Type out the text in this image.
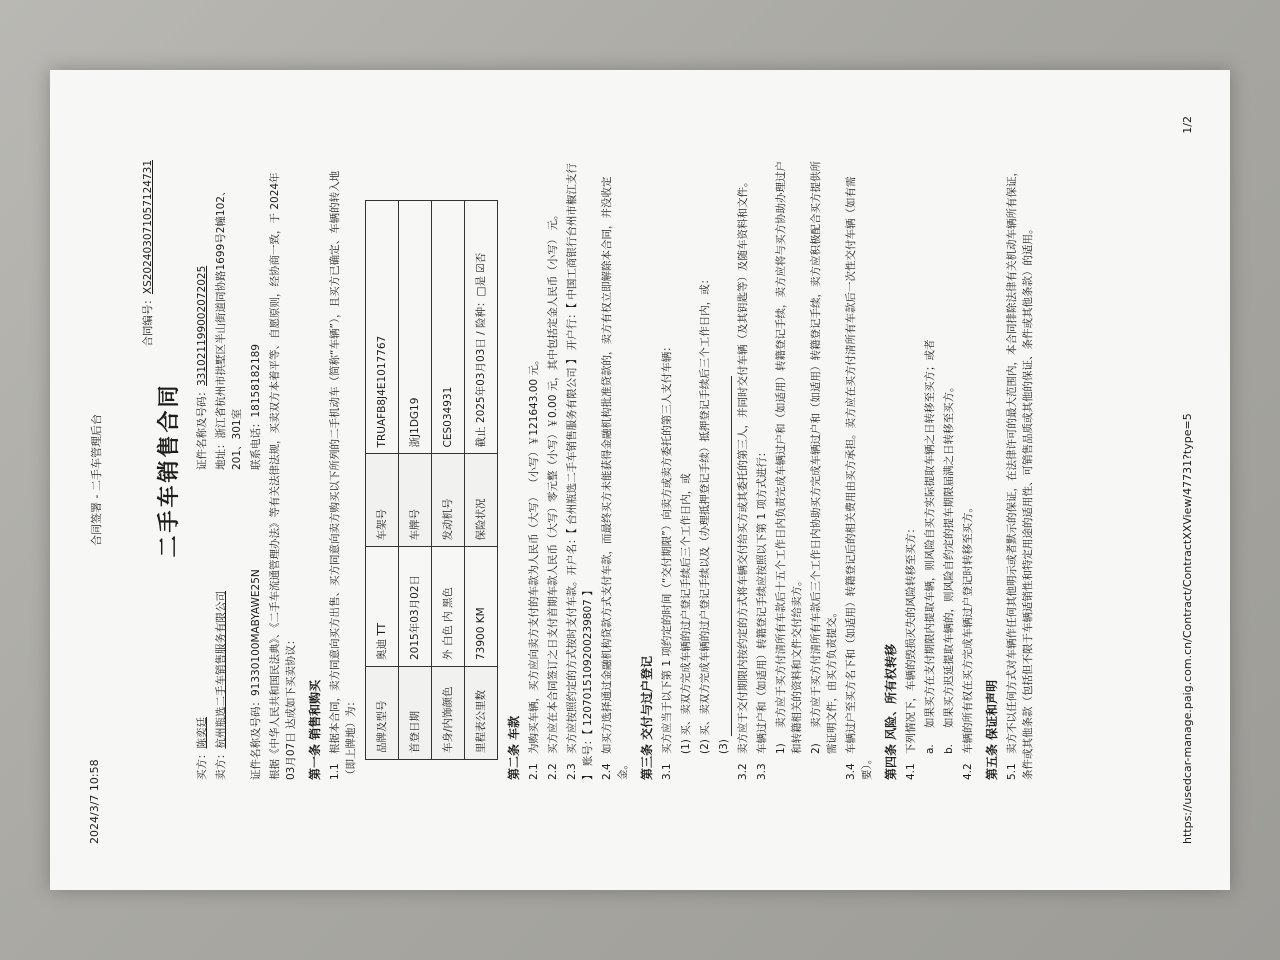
2024/3/7 10:58
合同签署 - 二手车管理后台
合同编号：XS202403071057124731
二手车销售合同
买方：陈奕廷
证件名称及号码：331021199002072025
卖方：杭州瓶选二手车销售服务有限公司
地址：浙江省杭州市拱墅区半山街道同协路1699号2幢102、201、301室
证件名称及号码：91330100MABYAWE25N
联系电话：18158182189 根据《中华人民共和国民法典》、《二手车流通管理办法》等有关法律法规，买卖双方本着平等、自愿原则，经协商一致，于 2024年03月07日 达成如下买卖协议： 第一条 销售和购买 1.1根据本合同，卖方同意向买方出售、买方同意向卖方购买以下所列的二手机动车（简称“车辆”），且买方已确定、车辆的转入地（即上牌地）为： 品牌及型号	奥迪 TT	车架号	TRUAFB8J4E1017767
首登日期	2015年03月02日	车牌号	浙J1DG19
车身/内饰颜色	外 白色 内 黑色	发动机号	CES034931
里程表公里数	73900 KM	保险状况	截止 2025年03月03日 / 险种：□是 ☑否
第二条 车款 2.1为购买车辆，买方应向卖方支付的车款为人民币（大写） （小写）￥121643.00 元。
2.2买方应在本合同签订之日支付首期车款人民币（大写）零元整（小写）￥0.00 元，其中包括定金人民币（小写） 元。
2.3买方应按照约定的方式按时支付车款。开户名：【 台州瓶选二手车销售服务有限公司 】 开户行：【 中国工商银行台州市椒江支行 】 账号：【 1207015109200239807 】 2.4如买方选择通过金融机构贷款方式支付车款，而最终买方未能获得金融机构批准贷款的，卖方有权立即解除本合同，并没收定金。 第三条 交付与过户登记 3.1买方应当于以下第 1 项约定的时间（“交付期限”）向卖方或卖方委托的第三人支付车辆： (1) 买、卖双方完成车辆的过户登记手续后三个工作日内，或 (2) 买、卖双方完成车辆的过户登记手续以及（办理抵押登记手续）抵押登记手续后三个工作日内，或： (3)
3.2卖方应于交付期限内按约定的方式将车辆交付给买方或其委托的第三人，并同时交付车辆（及其钥匙等）及随车资料和文件。
3.3车辆过户和（如适用）转籍登记手续应按照以下第 1 项方式进行： 1)卖方应于买方付清所有车款后十五个工作日内负责完成车辆过户和（如适用）转籍登记手续，卖方应将与买方协助办理过户和转籍相关的资料和文件交付给卖方。 2)卖方应于买方付清所有车款后三个工作日内协助买方完成车辆过户和（如适用）转籍登记手续，卖方应积极配合买方提供所需证明文件，由买方负责提交。
3.4车辆过户至买方名下和（如适用）转籍登记后的相关费用由买方承担。卖方应在买方付清所有车款后一次性交付车辆（如有需要）。 第四条 风险、所有权转移 4.1下列情况下，车辆的毁损灭失的风险转移至买方： a.如果买方在支付期限内提取车辆，则风险自买方实际提取车辆之日转移至买方；或者
b.如果买方迟延提取车辆的，则风险自约定的提车期限届满之日转移至买方。
4.2车辆的所有权在买方完成车辆过户登记时转移至买方。 第五条 保证和声明 5.1卖方不以任何方式对车辆作任何其他明示或者默示的保证，在法律许可的最大范围内，本合同排除法律有关机动车辆所有保证，条件或其他条款（包括但不限于车辆适销性和特定用途的适用性、可销售品质或其他的保证、条件或其他条款）的适用。	https://usedcar-manage.paig.com.cn/Contract/ContractXXView/47731?type=5
1/2
